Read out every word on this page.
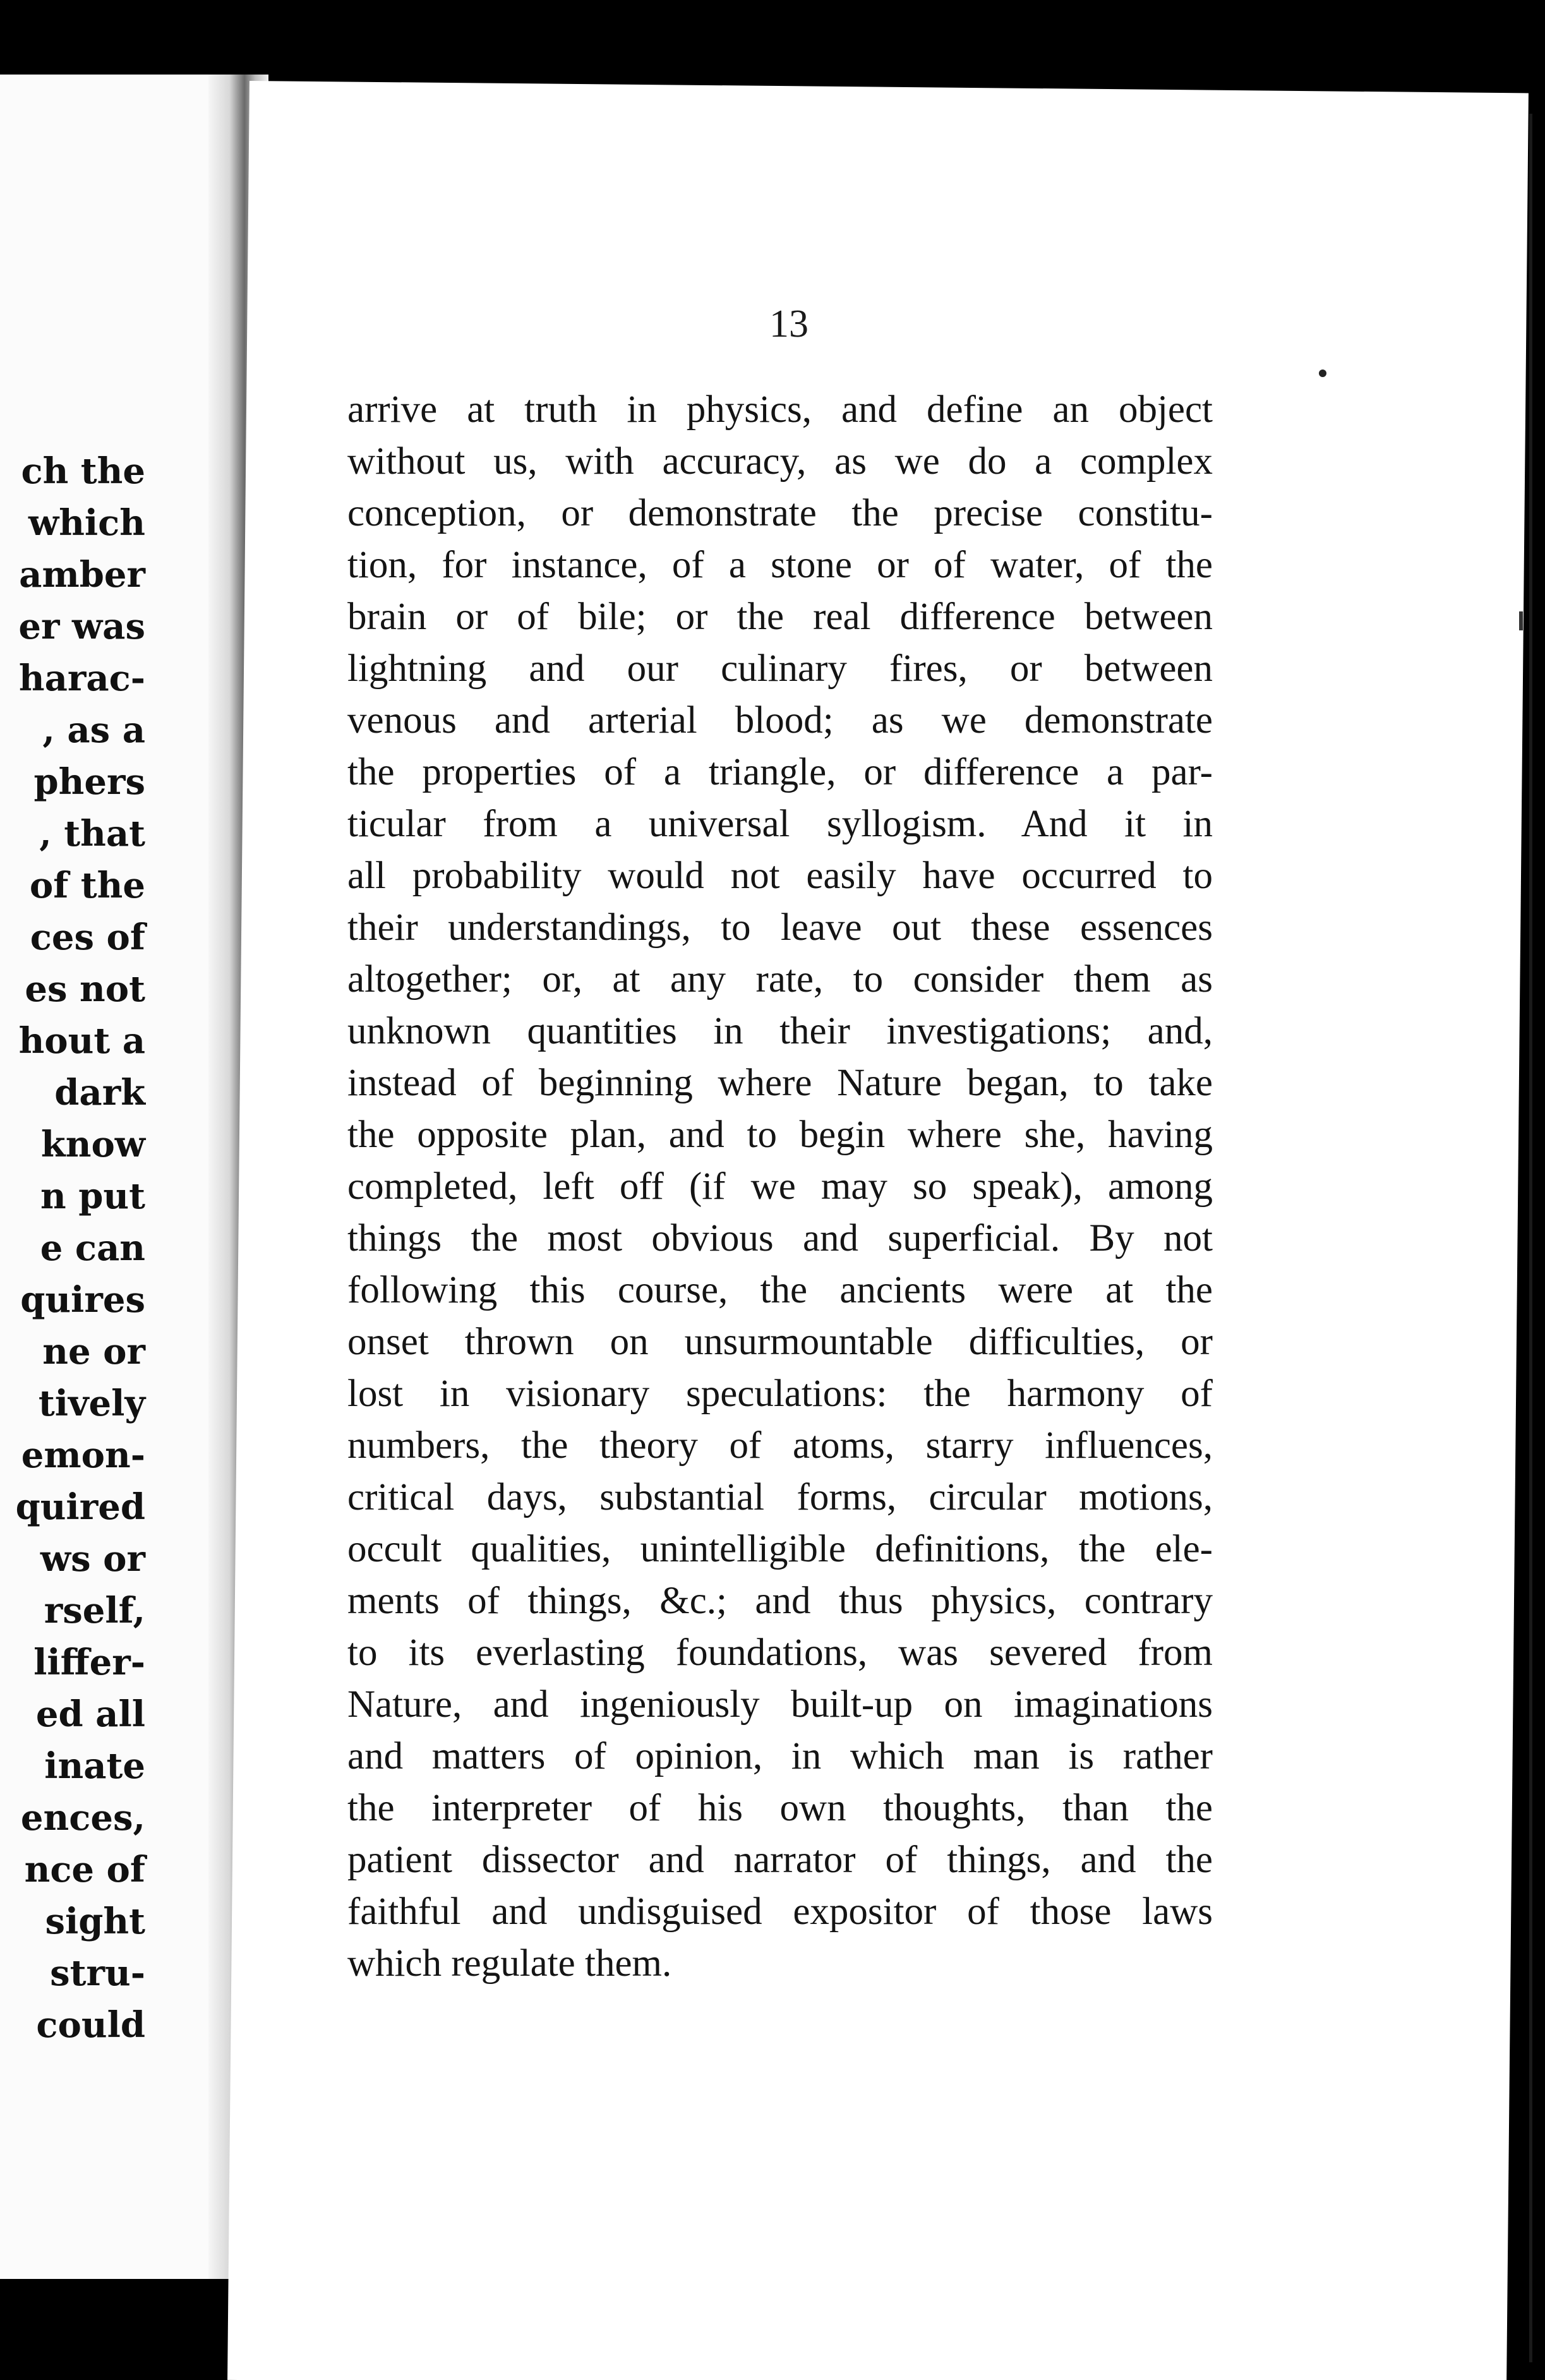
ch the
which
amber
er was
harac-
, as a
phers
, that
of the
ces of
es not
hout a
dark
know
n put
e can
quires
ne or
tively
emon-
quired
ws or
rself,
liffer-
ed all
inate
ences,
nce of
sight
stru-
could
13
arrive at truth in physics, and define an object
without us, with accuracy, as we do a complex
conception, or demonstrate the precise constitu-
tion, for instance, of a stone or of water, of the
brain or of bile; or the real difference between
lightning and our culinary fires, or between
venous and arterial blood; as we demonstrate
the properties of a triangle, or difference a par-
ticular from a universal syllogism. And it in
all probability would not easily have occurred to
their understandings, to leave out these essences
altogether; or, at any rate, to consider them as
unknown quantities in their investigations; and,
instead of beginning where Nature began, to take
the opposite plan, and to begin where she, having
completed, left off (if we may so speak), among
things the most obvious and superficial. By not
following this course, the ancients were at the
onset thrown on unsurmountable difficulties, or
lost in visionary speculations: the harmony of
numbers, the theory of atoms, starry influences,
critical days, substantial forms, circular motions,
occult qualities, unintelligible definitions, the ele-
ments of things, &c.; and thus physics, contrary
to its everlasting foundations, was severed from
Nature, and ingeniously built-up on imaginations
and matters of opinion, in which man is rather
the interpreter of his own thoughts, than the
patient dissector and narrator of things, and the
faithful and undisguised expositor of those laws
which regulate them.
